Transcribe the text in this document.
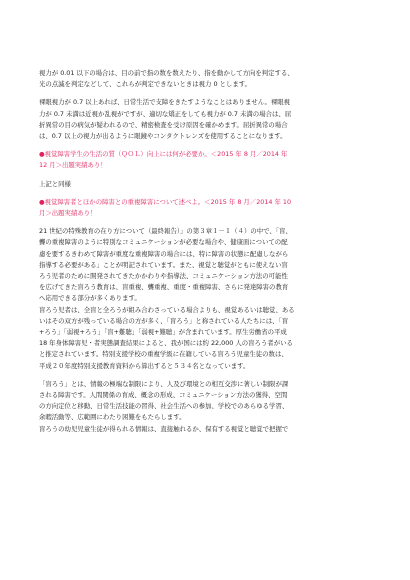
視力が 0.01 以下の場合は、目の前で指の数を数えたり、指を動かして方向を判定する、
光の点滅を判定などして、これらが判定できないときは視力 0 とします。
裸眼視力が 0.7 以上あれば、日常生活で支障をきたすようなことはありません。裸眼視
力が 0.7 未満は近視か乱視がですが、適切な矯正をしても視力が 0.7 未満の場合は、屈
折異常の目の病気が疑われるので、精密検査を受け原因を確かめます。屈折異常の場合
は、0.7 以上の視力が出るように眼鏡やコンタクトレンズを使用することになります。
●視覚障害学生の生活の質（ＱＯＬ）向上には何が必要か。＜2015 年 8 月／2014 年
12 月＞出題実績あり！

上記と同様

●視覚障害者とほかの障害との重複障害について述べよ。＜2015 年 8 月／2014 年 10
月＞出題実績あり！
21 世紀の特殊教育の在り方について（最終報告）」の第３章１－１（４）の中で、「盲、
聾の重複障害のように特別なコミュニケーションが必要な場合や、健康面についての配
慮を要するきわめて障害が重度な重複障害の場合には、特に障害の状態に配慮しながら
指導する必要がある」ことが明記されています。また、視覚と聴覚がともに使えない盲
ろう児者のために開発されてきたかかわりや指導法、コミュニケーション方法の可能性
を広げてきた盲ろう教育は、盲重複、聾重複、重度・重複障害、さらに発達障害の教育
へ応用できる部分が多くあります。
盲ろう児者は、全盲と全ろうが組み合わさっている場合よりも、視覚あるいは聴覚、ある
いはその双方が残っている場合の方が多く、「盲ろう」と称されている人たちには、「盲
+ろう」「弱視+ろう」「盲+難聴」「弱視+難聴」が含まれています。厚生労働省の平成
18 年身体障害児・者実態調査結果によると、我が国には約 22,000 人の盲ろう者がいる
と推定されています。特別支援学校の重複学級に在籍している盲ろう児童生徒の数は、
平成２０年度特別支援教育資料から算出すると５３４名となっています。
「盲ろう」とは、情報の極端な制限により、人及び環境との相互交渉に著しい制限が課
される障害です。人間関係の育成、概念の形成、コミュニケーション方法の獲得、空間
の方向定位と移動、日常生活技能の習得、社会生活への参加、学校でのあらゆる学習、
余暇活動等、広範囲にわたり困難をもたらします。
盲ろうの幼児児童生徒が得られる情報は、直接触れるか、保有する視覚と聴覚で把握で
